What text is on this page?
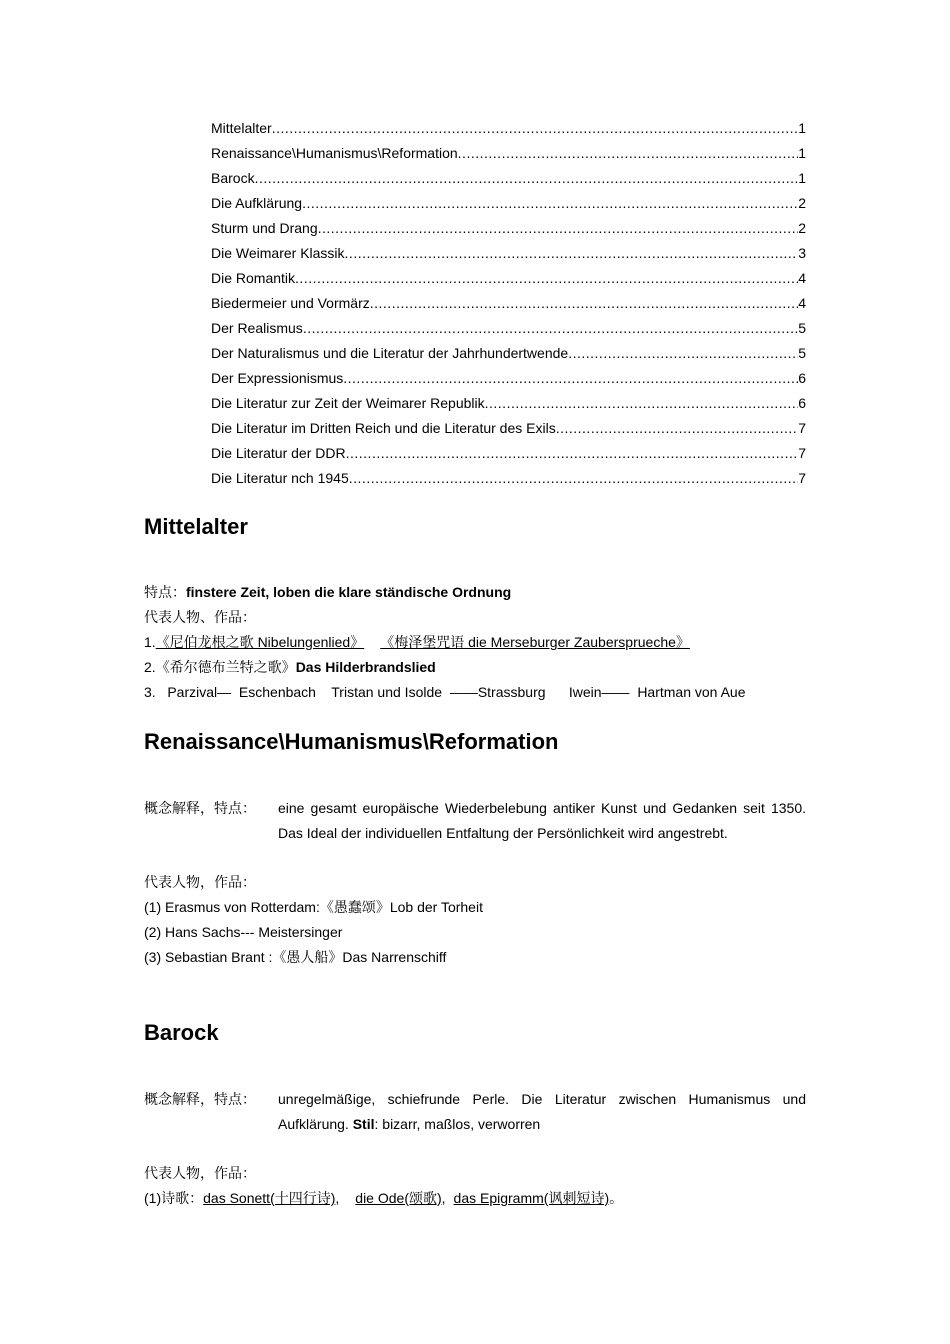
Mittelalter .....	1
Renaissance\Humanismus\Reformation .....	1
Barock .....	1
Die Aufklärung .....	2
Sturm und Drang .....	2
Die Weimarer Klassik .....	3
Die Romantik .....	4
Biedermeier und Vormärz .....	4
Der Realismus .....	5
Der Naturalismus und die Literatur der Jahrhundertwende .....	5
Der Expressionismus .....	6
Die Literatur zur Zeit der Weimarer Republik .....	6
Die Literatur im Dritten Reich und die Literatur des Exils .....	7
Die Literatur der DDR .....	7
Die Literatur nch 1945 .....	7
Mittelalter
特点：finstere Zeit, loben die klare ständische Ordnung
代表人物、作品：
1.《尼伯龙根之歌 Nibelungenlied》 《梅泽堡咒语 die Merseburger Zaubersprueche》
2.《希尔德布兰特之歌》Das Hilderbrandslied
3.   Parzival—  Eschenbach    Tristan und Isolde  ——Strassburg      Iwein——  Hartman von Aue
Renaissance\Humanismus\Reformation
概念解释，特点：	eine gesamt europäische Wiederbelebung antiker Kunst und Gedanken seit 1350. Das Ideal der individuellen Entfaltung der Persönlichkeit wird angestrebt.
代表人物，作品：
(1) Erasmus von Rotterdam:《愚蠢颂》Lob der Torheit
(2) Hans Sachs--- Meistersinger
(3) Sebastian Brant :《愚人船》Das Narrenschiff
Barock
概念解释，特点：	unregelmäßige, schiefrunde Perle. Die Literatur zwischen Humanismus und Aufklärung. Stil: bizarr, maßlos, verworren
代表人物，作品：
(1)诗歌：das Sonett(十四行诗), die Ode(颂歌), das Epigramm(讽刺短诗)。
